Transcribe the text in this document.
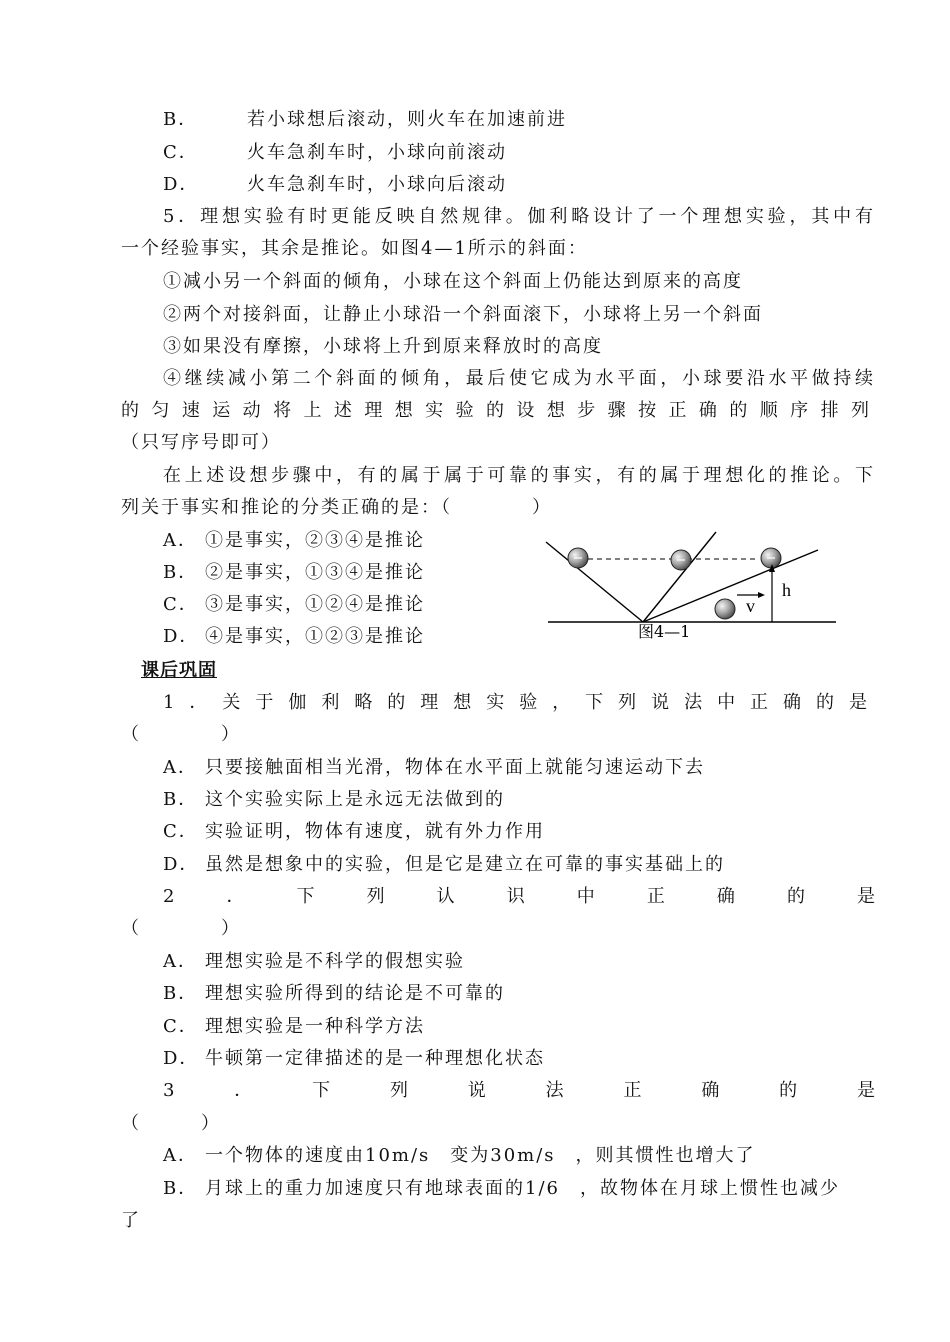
B．	若小球想后滚动，则火车在加速前进
C．	火车急刹车时，小球向前滚动
D．	火车急刹车时，小球向后滚动
5．理想实验有时更能反映自然规律。伽利略设计了一个理想实验，其中有
一个经验事实，其余是推论。如图4—1所示的斜面：
①减小另一个斜面的倾角，小球在这个斜面上仍能达到原来的高度
②两个对接斜面，让静止小球沿一个斜面滚下，小球将上另一个斜面
③如果没有摩擦，小球将上升到原来释放时的高度
④继续减小第二个斜面的倾角，最后使它成为水平面，小球要沿水平做持续
的匀速运动将上述理想实验的设想步骤按正确的顺序排列
（只写序号即可）
在上述设想步骤中，有的属于属于可靠的事实，有的属于理想化的推论。下
列关于事实和推论的分类正确的是：（　　　　）
A． ①是事实，②③④是推论
B． ②是事实，①③④是推论
C． ③是事实，①②④是推论
D． ④是事实，①②③是推论
v
h
图4—1
课后巩固
1．关于伽利略的理想实验，下列说法中正确的是
（　　　　）
A． 只要接触面相当光滑，物体在水平面上就能匀速运动下去
B． 这个实验实际上是永远无法做到的
C． 实验证明，物体有速度，就有外力作用
D． 虽然是想象中的实验，但是它是建立在可靠的事实基础上的
2．下列认识中正确的是
（　　　　）
A． 理想实验是不科学的假想实验
B． 理想实验所得到的结论是不可靠的
C． 理想实验是一种科学方法
D． 牛顿第一定律描述的是一种理想化状态
3．下列说法正确的是
（　　　）
A． 一个物体的速度由10m/s　变为30m/s　，则其惯性也增大了
B． 月球上的重力加速度只有地球表面的1/6　，故物体在月球上惯性也减少
了
